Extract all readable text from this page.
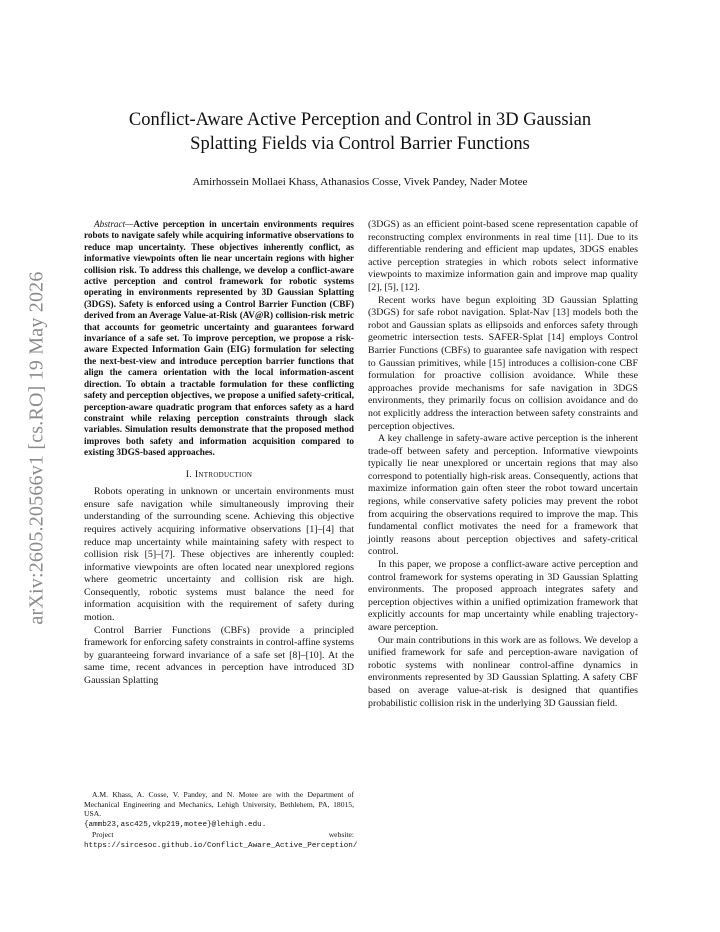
arXiv:2605.20566v1 [cs.RO] 19 May 2026
Conflict-Aware Active Perception and Control in 3D Gaussian
Splatting Fields via Control Barrier Functions
Amirhossein Mollaei Khass, Athanasios Cosse, Vivek Pandey, Nader Motee

Abstract—Active perception in uncertain environments requires robots to navigate safely while acquiring informative observations to reduce map uncertainty. These objectives inherently conflict, as informative viewpoints often lie near uncertain regions with higher collision risk. To address this challenge, we develop a conflict-aware active perception and control framework for robotic systems operating in environments represented by 3D Gaussian Splatting (3DGS). Safety is enforced using a Control Barrier Function (CBF) derived from an Average Value-at-Risk (AV@R) collision-risk metric that accounts for geometric uncertainty and guarantees forward invariance of a safe set. To improve perception, we propose a risk-aware Expected Information Gain (EIG) formulation for selecting the next-best-view and introduce perception barrier functions that align the camera orientation with the local information-ascent direction. To obtain a tractable formulation for these conflicting safety and perception objectives, we propose a unified safety-critical, perception-aware quadratic program that enforces safety as a hard constraint while relaxing perception constraints through slack variables. Simulation results demonstrate that the proposed method improves both safety and information acquisition compared to existing 3DGS-based approaches.

I. Introduction

Robots operating in unknown or uncertain environments must ensure safe navigation while simultaneously improving their understanding of the surrounding scene. Achieving this objective requires actively acquiring informative observations [1]–[4] that reduce map uncertainty while maintaining safety with respect to collision risk [5]–[7]. These objectives are inherently coupled: informative viewpoints are often located near unexplored regions where geometric uncertainty and collision risk are high. Consequently, robotic systems must balance the need for information acquisition with the requirement of safety during motion.

Control Barrier Functions (CBFs) provide a principled framework for enforcing safety constraints in control-affine systems by guaranteeing forward invariance of a safe set [8]–[10]. At the same time, recent advances in perception have introduced 3D Gaussian Splatting

A.M. Khass, A. Cosse, V. Pandey, and N. Motee are with the Department of Mechanical Engineering and Mechanics, Lehigh University, Bethlehem, PA, 18015, USA.

{ammb23,asc425,vkp219,motee}@lehigh.edu.

Project website: https://sircesoc.github.io/Conflict_Aware_Active_Perception/

(3DGS) as an efficient point-based scene representation capable of reconstructing complex environments in real time [11]. Due to its differentiable rendering and efficient map updates, 3DGS enables active perception strategies in which robots select informative viewpoints to maximize information gain and improve map quality [2], [5], [12].

Recent works have begun exploiting 3D Gaussian Splatting (3DGS) for safe robot navigation. Splat-Nav [13] models both the robot and Gaussian splats as ellipsoids and enforces safety through geometric intersection tests. SAFER-Splat [14] employs Control Barrier Functions (CBFs) to guarantee safe navigation with respect to Gaussian primitives, while [15] introduces a collision-cone CBF formulation for proactive collision avoidance. While these approaches provide mechanisms for safe navigation in 3DGS environments, they primarily focus on collision avoidance and do not explicitly address the interaction between safety constraints and perception objectives.

A key challenge in safety-aware active perception is the inherent trade-off between safety and perception. Informative viewpoints typically lie near unexplored or uncertain regions that may also correspond to potentially high-risk areas. Consequently, actions that maximize information gain often steer the robot toward uncertain regions, while conservative safety policies may prevent the robot from acquiring the observations required to improve the map. This fundamental conflict motivates the need for a framework that jointly reasons about perception objectives and safety-critical control.

In this paper, we propose a conflict-aware active perception and control framework for systems operating in 3D Gaussian Splatting environments. The proposed approach integrates safety and perception objectives within a unified optimization framework that explicitly accounts for map uncertainty while enabling trajectory-aware perception.

Our main contributions in this work are as follows. We develop a unified framework for safe and perception-aware navigation of robotic systems with nonlinear control-affine dynamics in environments represented by 3D Gaussian Splatting. A safety CBF based on average value-at-risk is designed that quantifies probabilistic collision risk in the underlying 3D Gaussian field.
